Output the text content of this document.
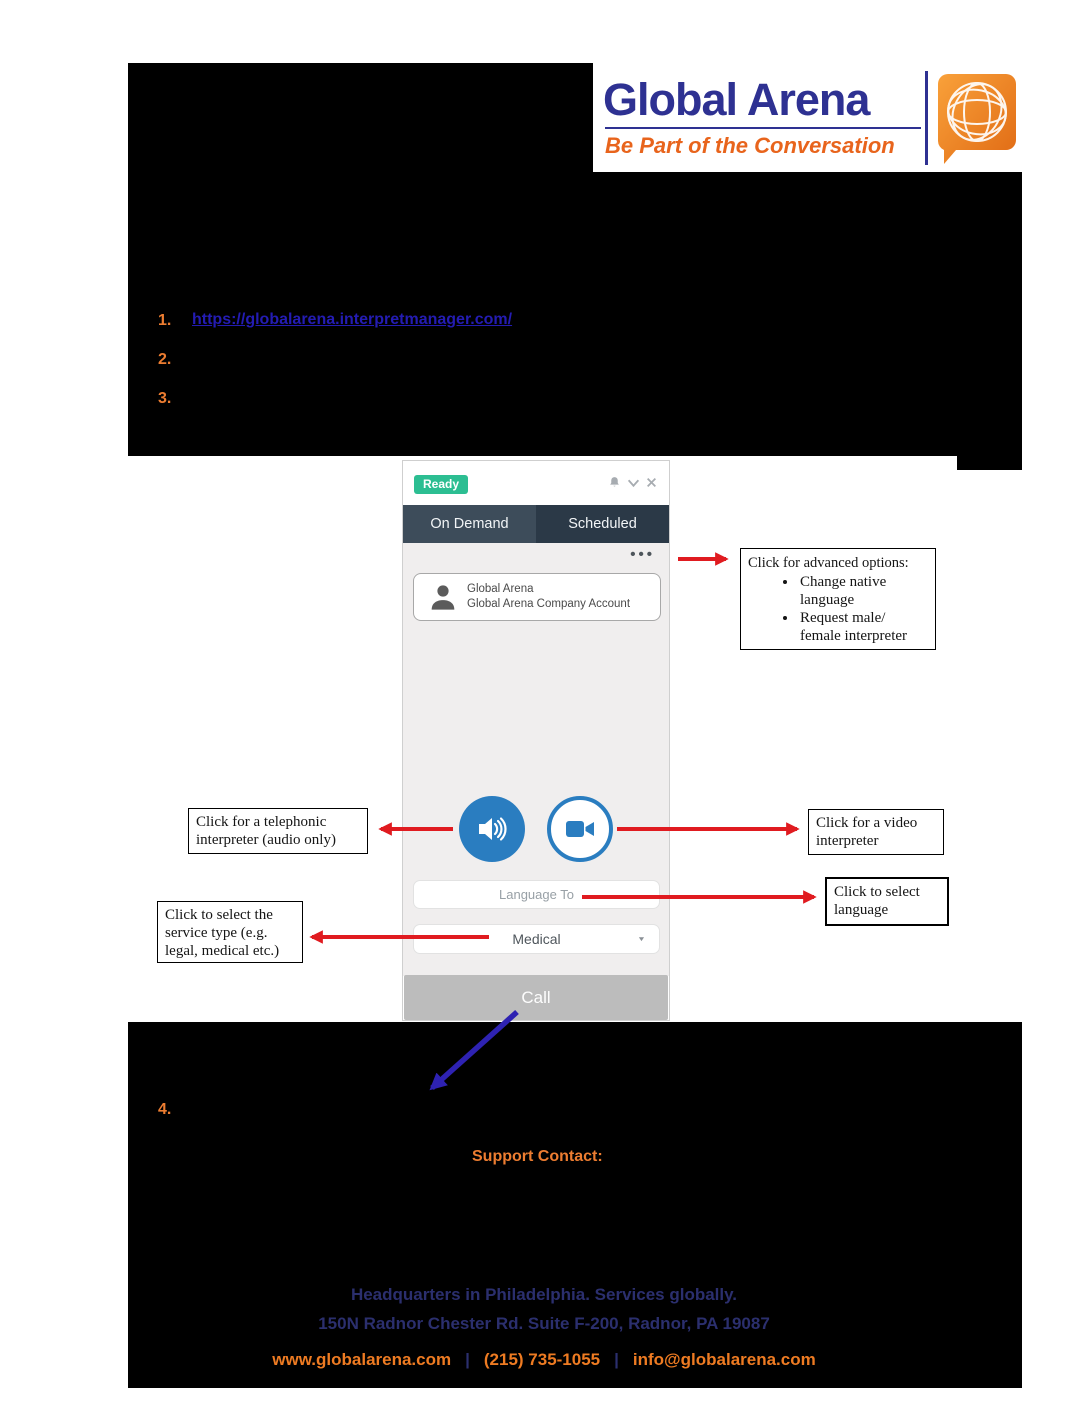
Global Arena
Be Part of the Conversation
1. https://globalarena.interpretmanager.com/
2.
3.
Ready
On Demand	Scheduled
•••
Global Arena
Global Arena Company Account
Language To
Medical	▼
Call
Click for advanced options:
• Change native language
• Request male/ female interpreter
Click for a telephonic interpreter (audio only)
Click for a video interpreter
Click to select language
Click to select the service type (e.g. legal, medical etc.)
4.
Support Contact:
Headquarters in Philadelphia. Services globally.
150N Radnor Chester Rd. Suite F-200, Radnor, PA 19087
www.globalarena.com | (215) 735-1055 | info@globalarena.com
